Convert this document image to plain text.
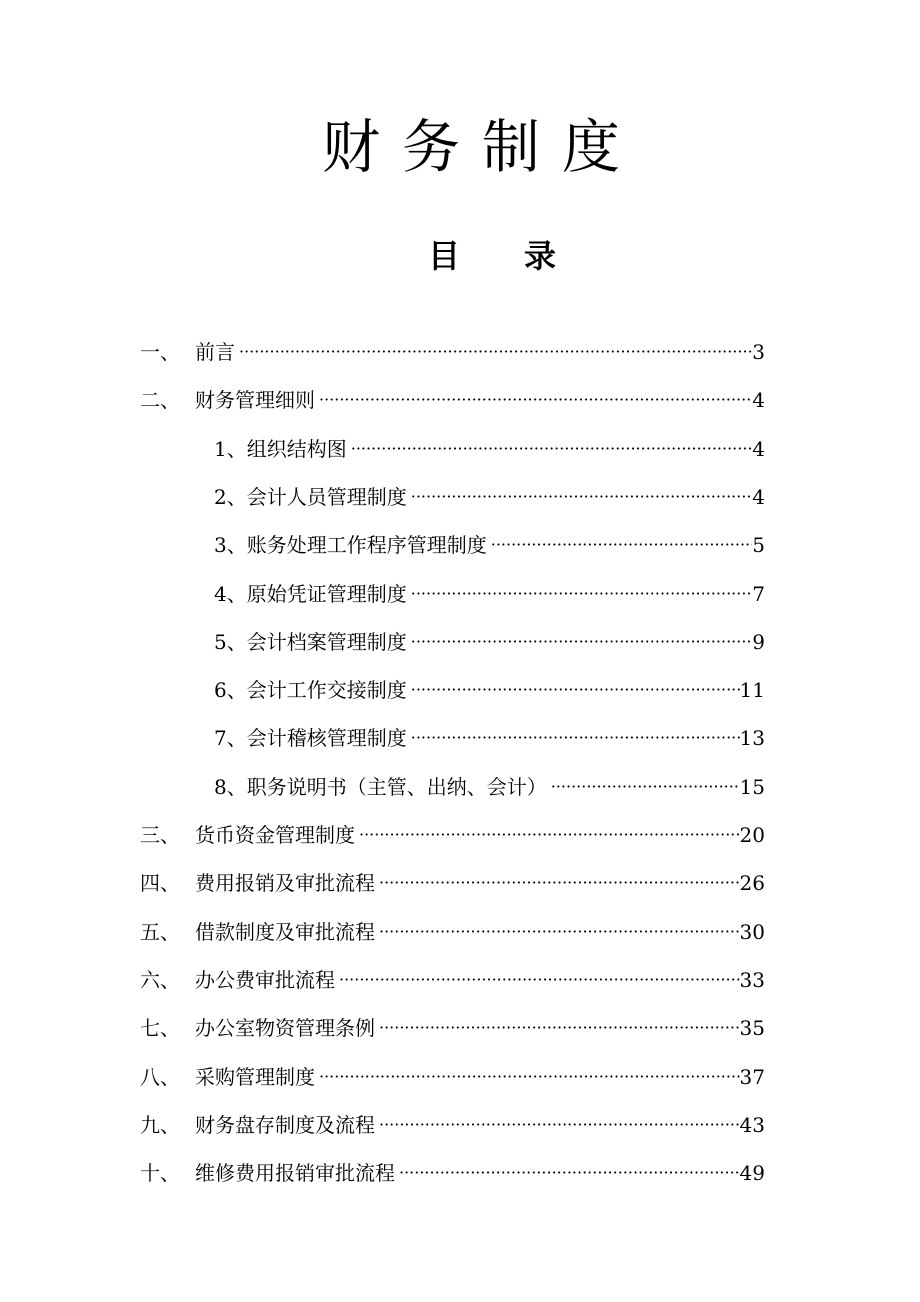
财务制度
目录
一、 前言 ·····	3
二、 财务管理细则 ·····	4
1、组织结构图 ·····	4
2、会计人员管理制度 ·····	4
3、账务处理工作程序管理制度 ·····	5
4、原始凭证管理制度 ·····	7
5、会计档案管理制度 ·····	9
6、会计工作交接制度 ·····	11
7、会计稽核管理制度 ·····	13
8、职务说明书（主管、出纳、会计） ·····	15
三、 货币资金管理制度 ·····	20
四、 费用报销及审批流程 ·····	26
五、 借款制度及审批流程 ·····	30
六、 办公费审批流程 ·····	33
七、 办公室物资管理条例 ·····	35
八、 采购管理制度 ·····	37
九、 财务盘存制度及流程 ·····	43
十、 维修费用报销审批流程 ·····	49
